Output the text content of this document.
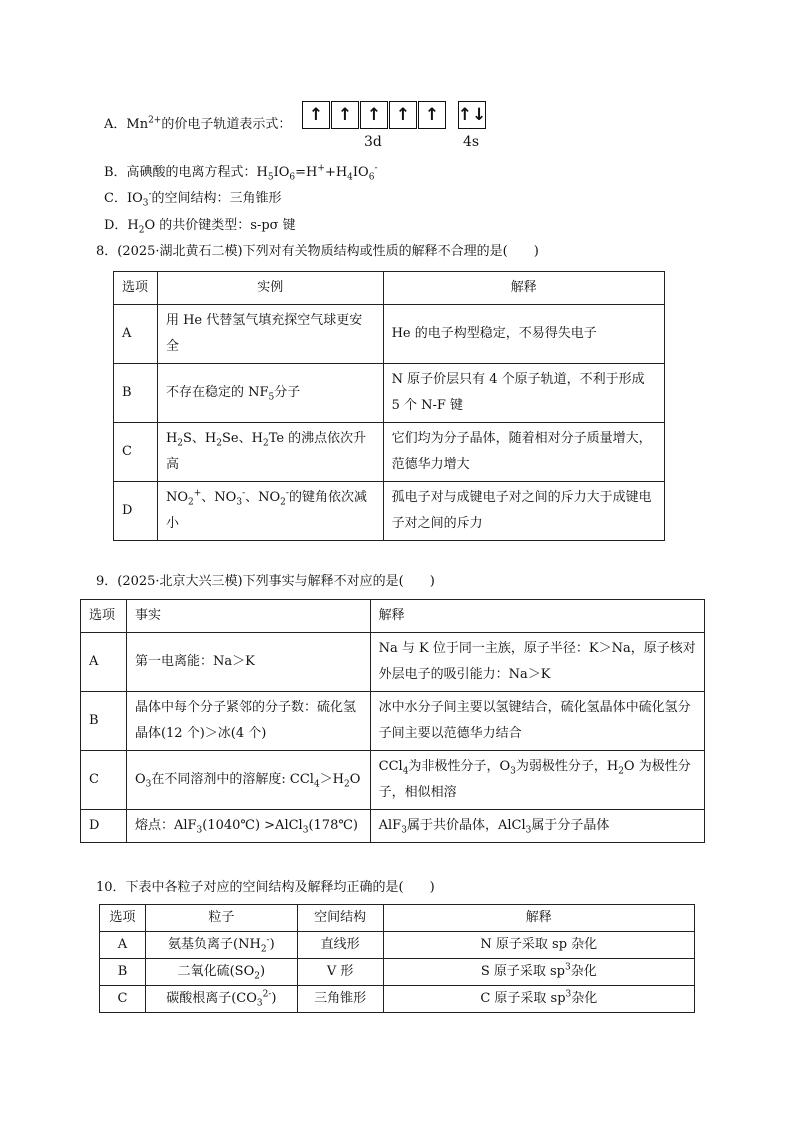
A．$Mn^{2+}$的价电子轨道表示式： ↑ ↑ ↑ ↑ ↑ ↑↓
3d	4s
B．高碘酸的电离方程式：$H_5IO_6=H^++H_4IO_6^-$
C．$IO_3^-$的空间结构：三角锥形
D．$H_2O$ 的共价键类型：s-pσ 键
8．(2025·湖北黄石二模)下列对有关物质结构或性质的解释不合理的是(　　)
选项	实例	解释
A	用 He 代替氢气填充探空气球更安全	He 的电子构型稳定，不易得失电子
B	不存在稳定的 $NF_5$分子	N 原子价层只有 4 个原子轨道，不利于形成 5 个 N-F 键
C	$H_2S$、$H_2Se$、$H_2Te$ 的沸点依次升高	它们均为分子晶体，随着相对分子质量增大，范德华力增大
D	$NO_2^+$、$NO_3^-$、$NO_2^-$的键角依次减小	孤电子对与成键电子对之间的斥力大于成键电子对之间的斥力
9．(2025·北京大兴三模)下列事实与解释不对应的是(　　)
选项	事实	解释
A	第一电离能：Na＞K	Na 与 K 位于同一主族，原子半径：K＞Na，原子核对外层电子的吸引能力：Na＞K
B	晶体中每个分子紧邻的分子数：硫化氢晶体(12 个)＞冰(4 个)	冰中水分子间主要以氢键结合，硫化氢晶体中硫化氢分子间主要以范德华力结合
C	$O_3$在不同溶剂中的溶解度: $CCl_4>H_2O$	CCl$_4$为非极性分子，$O_3$为弱极性分子，$H_2O$ 为极性分子，相似相溶
D	熔点：AlF$_3$(1040℃) >AlCl$_3$(178℃)	AlF$_3$属于共价晶体，AlCl$_3$属于分子晶体
10．下表中各粒子对应的空间结构及解释均正确的是(　　)
选项	粒子	空间结构	解释
A	氨基负离子$(NH_2^-)$	直线形	N 原子采取 sp 杂化
B	二氧化硫$(SO_2)$	V 形	S 原子采取 $sp^3$杂化
C	碳酸根离子$(CO_3^{2-})$	三角锥形	C 原子采取 $sp^3$杂化
